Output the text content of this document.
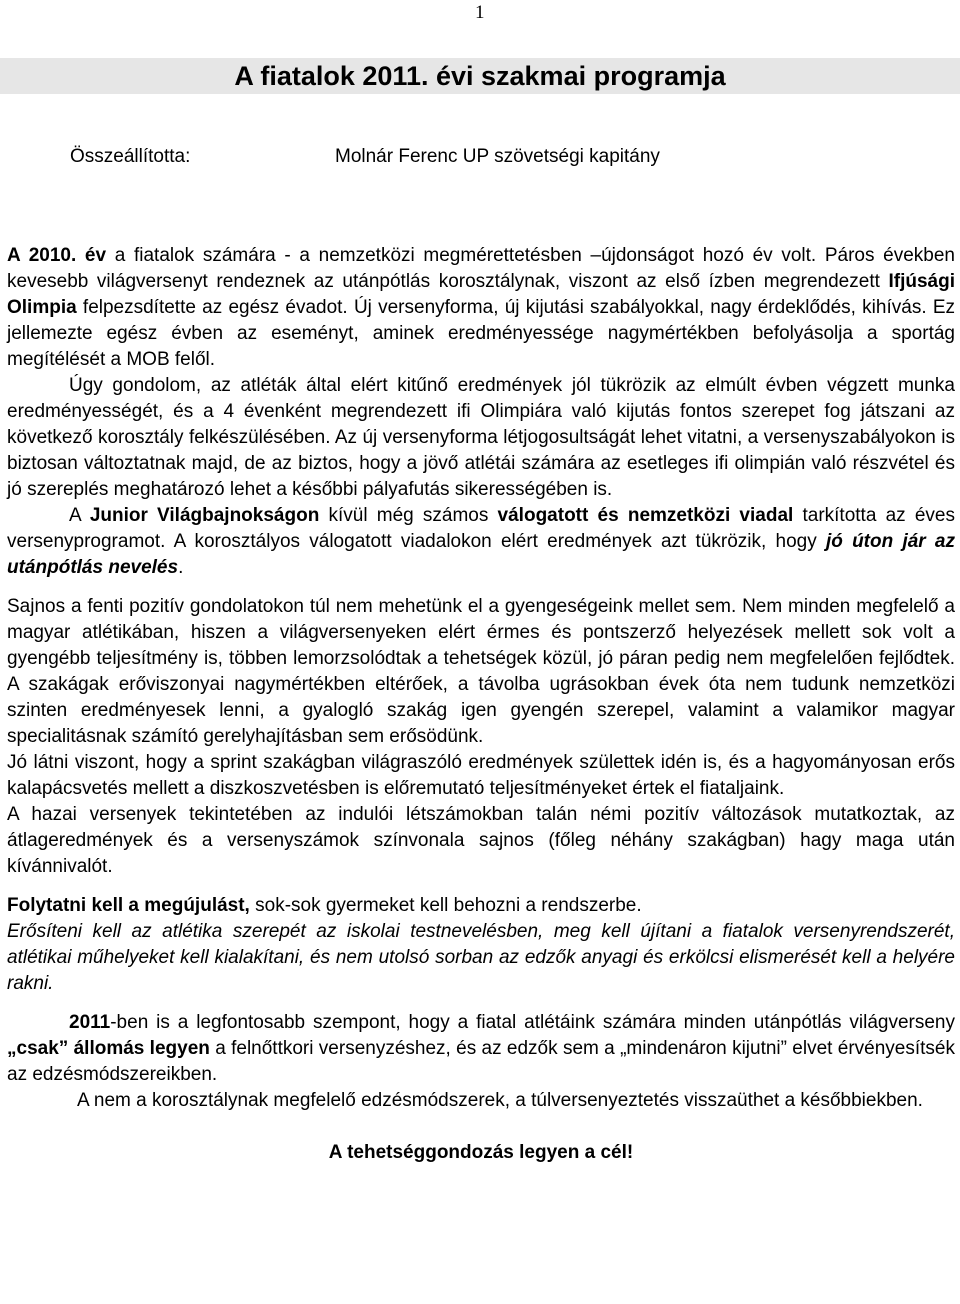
1
A fiatalok 2011. évi szakmai programja
Összeállította:	Molnár Ferenc UP szövetségi kapitány

A 2010. év a fiatalok számára - a nemzetközi megmérettetésben –újdonságot hozó év volt. Páros években kevesebb világversenyt rendeznek az utánpótlás korosztálynak, viszont az első ízben megrendezett Ifjúsági Olimpia felpezsdítette az egész évadot. Új versenyforma, új kijutási szabályokkal, nagy érdeklődés, kihívás. Ez jellemezte egész évben az eseményt, aminek eredményessége nagymértékben befolyásolja a sportág megítélését a MOB felől.

Úgy gondolom, az atléták által elért kitűnő eredmények jól tükrözik az elmúlt évben végzett munka eredményességét, és a 4 évenként megrendezett ifi Olimpiára való kijutás fontos szerepet fog játszani az következő korosztály felkészülésében. Az új versenyforma létjogosultságát lehet vitatni, a versenyszabályokon is biztosan változtatnak majd, de az biztos, hogy a jövő atlétái számára az esetleges ifi olimpián való részvétel és jó szereplés meghatározó lehet a későbbi pályafutás sikerességében is.

A Junior Világbajnokságon kívül még számos válogatott és nemzetközi viadal tarkította az éves versenyprogramot. A korosztályos válogatott viadalokon elért eredmények azt tükrözik, hogy jó úton jár az utánpótlás nevelés.

Sajnos a fenti pozitív gondolatokon túl nem mehetünk el a gyengeségeink mellet sem. Nem minden megfelelő a magyar atlétikában, hiszen a világversenyeken elért érmes és pontszerző helyezések mellett sok volt a gyengébb teljesítmény is, többen lemorzsolódtak a tehetségek közül, jó páran pedig nem megfelelően fejlődtek. A szakágak erőviszonyai nagymértékben eltérőek, a távolba ugrásokban évek óta nem tudunk nemzetközi szinten eredményesek lenni, a gyalogló szakág igen gyengén szerepel, valamint a valamikor magyar specialitásnak számító gerelyhajításban sem erősödünk.

Jó látni viszont, hogy a sprint szakágban világraszóló eredmények születtek idén is, és a hagyományosan erős kalapácsvetés mellett a diszkoszvetésben is előremutató teljesítményeket értek el fiataljaink.

A hazai versenyek tekintetében az indulói létszámokban talán némi pozitív változások mutatkoztak, az átlageredmények és a versenyszámok színvonala sajnos (főleg néhány szakágban) hagy maga után kívánnivalót.

Folytatni kell a megújulást, sok-sok gyermeket kell behozni a rendszerbe.

Erősíteni kell az atlétika szerepét az iskolai testnevelésben, meg kell újítani a fiatalok versenyrendszerét, atlétikai műhelyeket kell kialakítani, és nem utolsó sorban az edzők anyagi és erkölcsi elismerését kell a helyére rakni.

2011-ben is a legfontosabb szempont, hogy a fiatal atlétáink számára minden utánpótlás világverseny „csak” állomás legyen a felnőttkori versenyzéshez, és az edzők sem a „mindenáron kijutni” elvet érvényesítsék az edzésmódszereikben.

A nem a korosztálynak megfelelő edzésmódszerek, a túlversenyeztetés visszaüthet a későbbiekben.

A tehetséggondozás legyen a cél!
